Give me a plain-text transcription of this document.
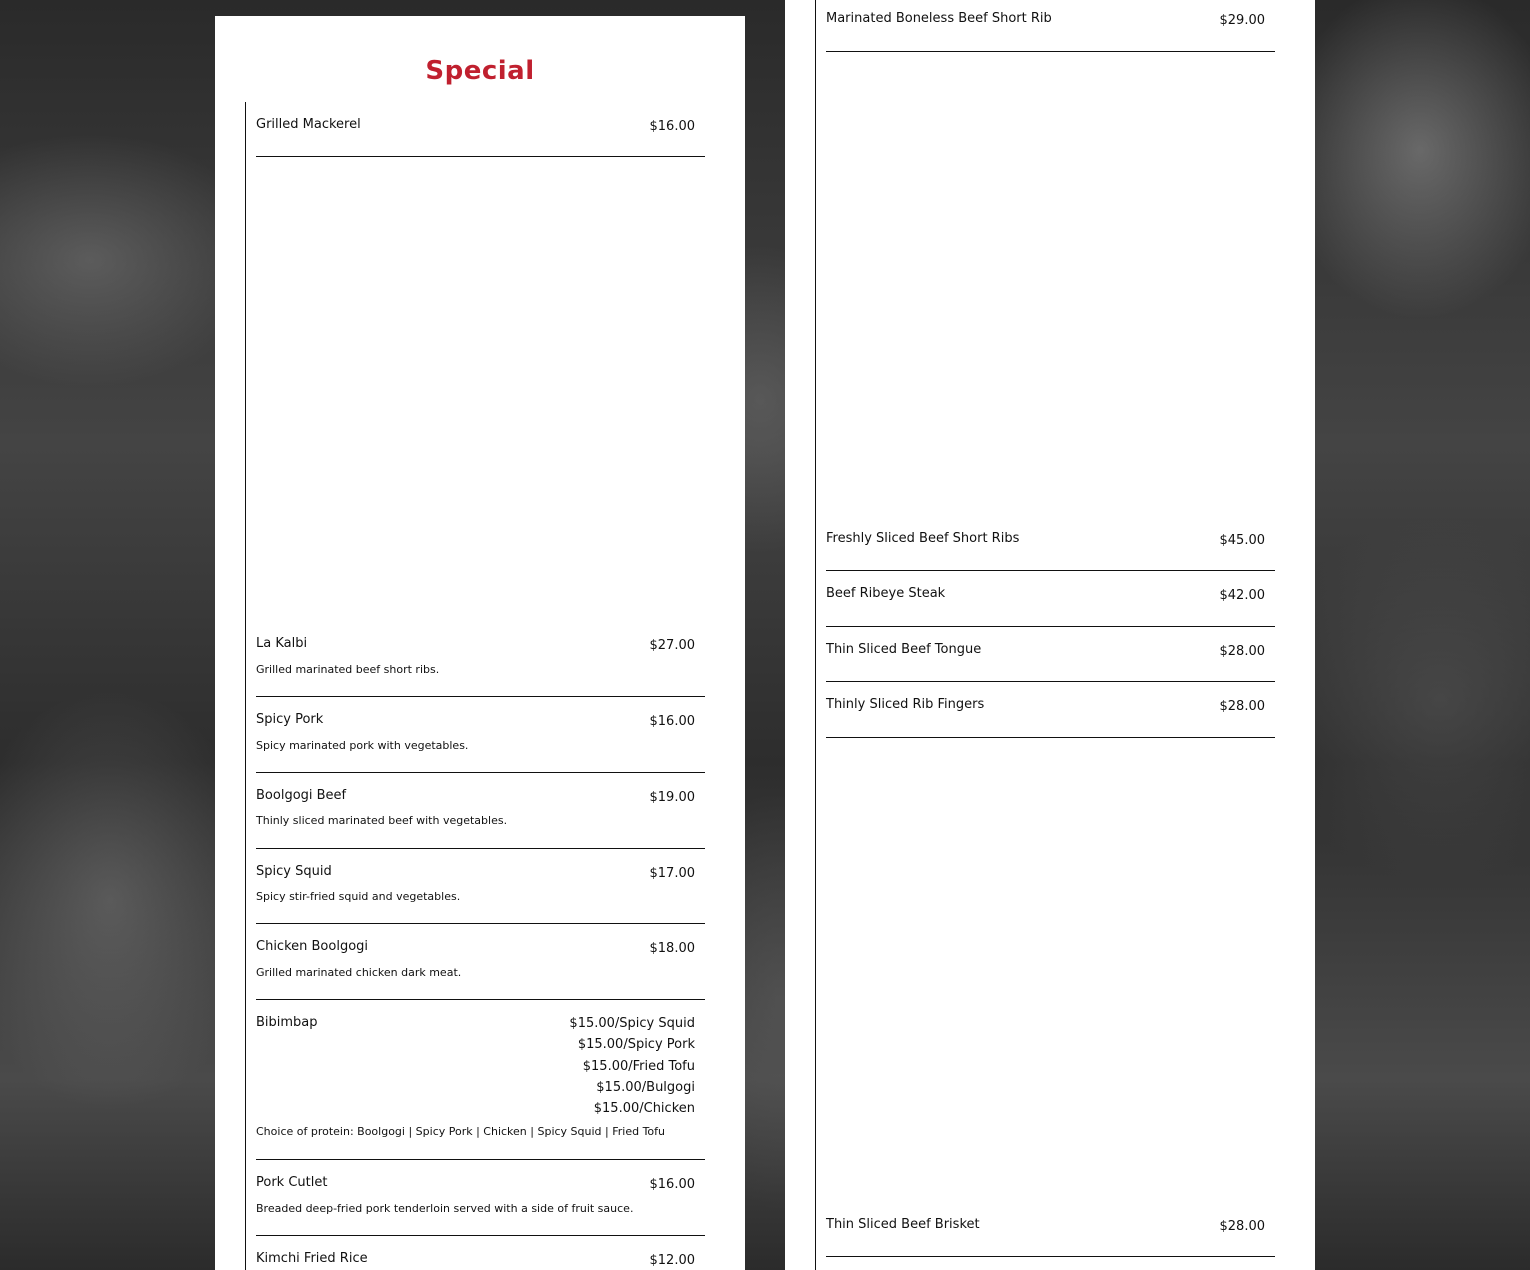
Special
Grilled Mackerel	$16.00
La Kalbi	$27.00
Grilled marinated beef short ribs.
Spicy Pork	$16.00
Spicy marinated pork with vegetables.
Boolgogi Beef	$19.00
Thinly sliced marinated beef with vegetables.
Spicy Squid	$17.00
Spicy stir-fried squid and vegetables.
Chicken Boolgogi	$18.00
Grilled marinated chicken dark meat.
Bibimbap	$15.00/Spicy Squid
$15.00/Spicy Pork
$15.00/Fried Tofu
$15.00/Bulgogi
$15.00/Chicken
Choice of protein: Boolgogi | Spicy Pork | Chicken | Spicy Squid | Fried Tofu
Pork Cutlet	$16.00
Breaded deep-fried pork tenderloin served with a side of fruit sauce.
Kimchi Fried Rice	$12.00
Marinated Boneless Beef Short Rib	$29.00
Freshly Sliced Beef Short Ribs	$45.00
Beef Ribeye Steak	$42.00
Thin Sliced Beef Tongue	$28.00
Thinly Sliced Rib Fingers	$28.00
Thin Sliced Beef Brisket	$28.00
